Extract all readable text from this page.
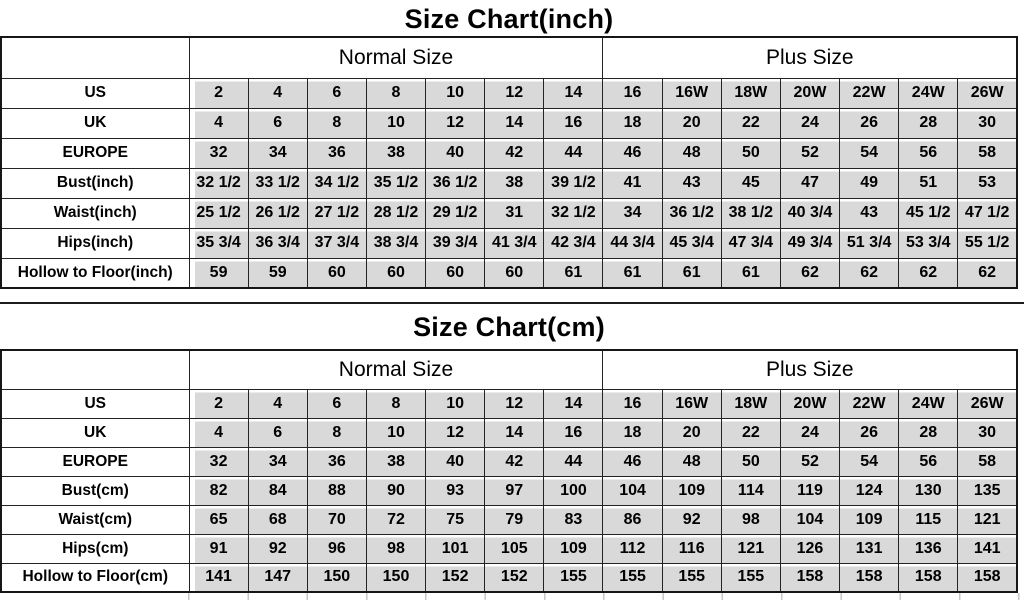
Size Chart(inch)
	Normal Size							Plus Size						
US	2	4	6	8	10	12	14	16	16W	18W	20W	22W	24W	26W
UK	4	6	8	10	12	14	16	18	20	22	24	26	28	30
EUROPE	32	34	36	38	40	42	44	46	48	50	52	54	56	58
Bust(inch)	32 1/2	33 1/2	34 1/2	35 1/2	36 1/2	38	39 1/2	41	43	45	47	49	51	53
Waist(inch)	25 1/2	26 1/2	27 1/2	28 1/2	29 1/2	31	32 1/2	34	36 1/2	38 1/2	40 3/4	43	45 1/2	47 1/2
Hips(inch)	35 3/4	36 3/4	37 3/4	38 3/4	39 3/4	41 3/4	42 3/4	44 3/4	45 3/4	47 3/4	49 3/4	51 3/4	53 3/4	55 1/2
Hollow to Floor(inch)	59	59	60	60	60	60	61	61	61	61	62	62	62	62
Size Chart(cm)
	Normal Size							Plus Size						
US	2	4	6	8	10	12	14	16	16W	18W	20W	22W	24W	26W
UK	4	6	8	10	12	14	16	18	20	22	24	26	28	30
EUROPE	32	34	36	38	40	42	44	46	48	50	52	54	56	58
Bust(cm)	82	84	88	90	93	97	100	104	109	114	119	124	130	135
Waist(cm)	65	68	70	72	75	79	83	86	92	98	104	109	115	121
Hips(cm)	91	92	96	98	101	105	109	112	116	121	126	131	136	141
Hollow to Floor(cm)	141	147	150	150	152	152	155	155	155	155	158	158	158	158
